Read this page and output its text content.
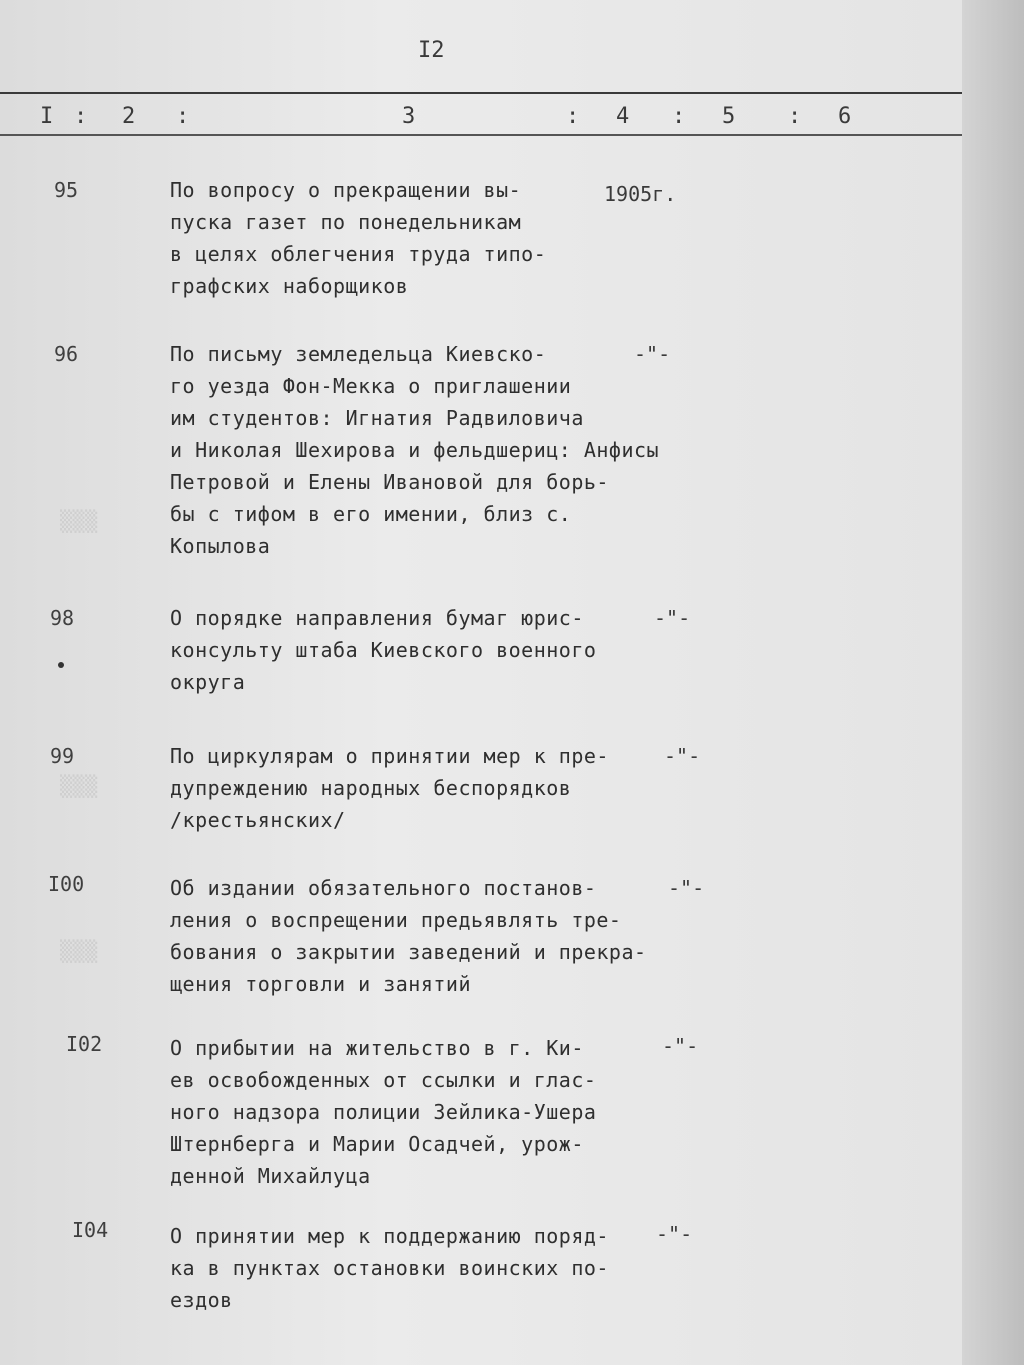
I2
I : 2 :	3	: 4 : 5 : 6
▒▒▒
▒▒▒
▒▒▒
95	По вопросу о прекращении вы-
пуска газет по понедельникам
в целях облегчения труда типо-
графских наборщиков
1905г.
96	По письму земледельца Киевско-
го уезда Фон-Мекка о приглашении
им студентов: Игнатия Радвиловича
и Николая Шехирова и фельдшериц: Анфисы
Петровой и Елены Ивановой для борь-
бы с тифом в его имении, близ с.
Копылова
-"-
98	О порядке направления бумаг юрис-
консульту штаба Киевского военного
округа
-"-
99	По циркулярам о принятии мер к пре-
дупреждению народных беспорядков
/крестьянских/
-"-
I00	Об издании обязательного постанов-
ления о воспрещении предьявлять тре-
бования о закрытии заведений и прекра-
щения торговли и занятий
-"-
I02	О прибытии на жительство в г. Ки-
ев освобожденных от ссылки и глас-
ного надзора полиции Зейлика-Ушера
Штернберга и Марии Осадчей, урож-
денной Михайлуца
-"-
I04	О принятии мер к поддержанию поряд-
ка в пунктах остановки воинских по-
ездов
-"-
